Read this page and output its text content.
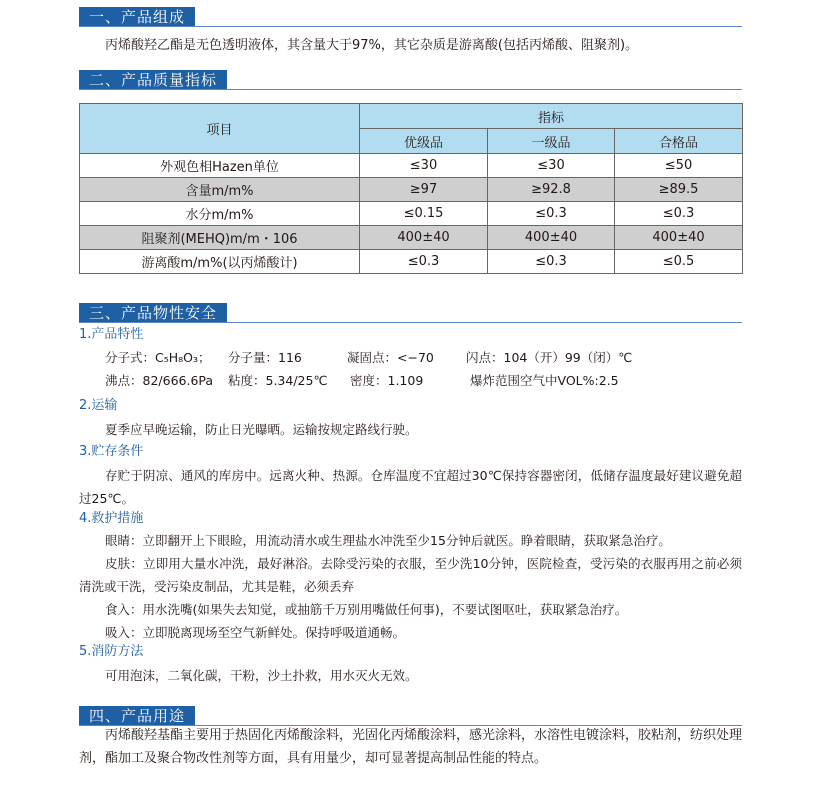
一、产品组成
丙烯酸羟乙酯是无色透明液体，其含量大于97%，其它杂质是游离酸(包括丙烯酸、阻聚剂)。
二、产品质量指标
项目	指标		
	优级品	一级品	合格品
外观色相Hazen单位	≤30	≤30	≤50
含量m/m%	≥97	≥92.8	≥89.5
水分m/m%	≤0.15	≤0.3	≤0.3
阻聚剂(MEHQ)m/m・106	400±40	400±40	400±40
游离酸m/m%(以丙烯酸计)	≤0.3	≤0.3	≤0.5
三、产品物性安全
1.产品特性
分子式：C₅H₈O₃； 分子量：116	凝固点：<−70	闪点：104（开）99（闭）℃
沸点：82/666.6Pa 粘度：5.34/25℃ 密度：1.109	爆炸范围空气中VOL%:2.5
2.运输
夏季应早晚运输，防止日光曝晒。运输按规定路线行驶。
3.贮存条件
存贮于阴凉、通风的库房中。远离火种、热源。仓库温度不宜超过30℃保持容器密闭，低储存温度最好建议避免超过25℃。
4.救护措施
眼睛：立即翻开上下眼睑，用流动清水或生理盐水冲洗至少15分钟后就医。睁着眼睛，获取紧急治疗。
皮肤：立即用大量水冲洗，最好淋浴。去除受污染的衣服，至少洗10分钟，医院检查，受污染的衣服再用之前必须清洗或干洗，受污染皮制品，尤其是鞋，必须丢弃
食入：用水洗嘴(如果失去知觉，或抽筋千万别用嘴做任何事)，不要试图呕吐，获取紧急治疗。
吸入：立即脱离现场至空气新鲜处。保持呼吸道通畅。
5.消防方法
可用泡沫，二氧化碳，干粉，沙土扑救，用水灭火无效。
四、产品用途
丙烯酸羟基酯主要用于热固化丙烯酸涂料，光固化丙烯酸涂料，感光涂料，水溶性电镀涂料，胶粘剂，纺织处理剂，酯加工及聚合物改性剂等方面，具有用量少，却可显著提高制品性能的特点。
